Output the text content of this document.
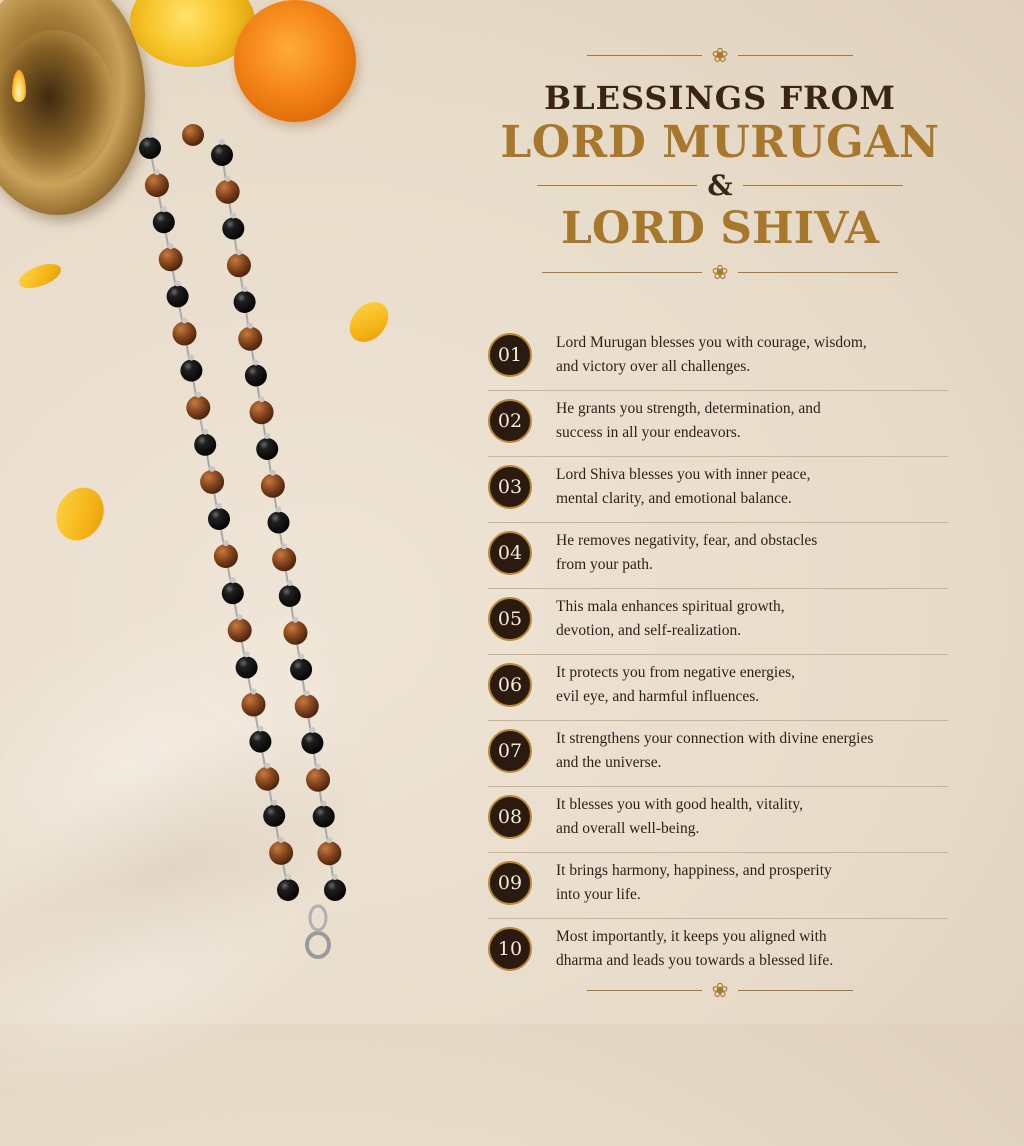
❀
BLESSINGS FROM
LORD MURUGAN
&
LORD SHIVA
❀
01
Lord Murugan blesses you with courage, wisdom,
and victory over all challenges.
02
He grants you strength, determination, and
success in all your endeavors.
03
Lord Shiva blesses you with inner peace,
mental clarity, and emotional balance.
04
He removes negativity, fear, and obstacles
from your path.
05
This mala enhances spiritual growth,
devotion, and self-realization.
06
It protects you from negative energies,
evil eye, and harmful influences.
07
It strengthens your connection with divine energies
and the universe.
08
It blesses you with good health, vitality,
and overall well-being.
09
It brings harmony, happiness, and prosperity
into your life.
10
Most importantly, it keeps you aligned with
dharma and leads you towards a blessed life.
❀
